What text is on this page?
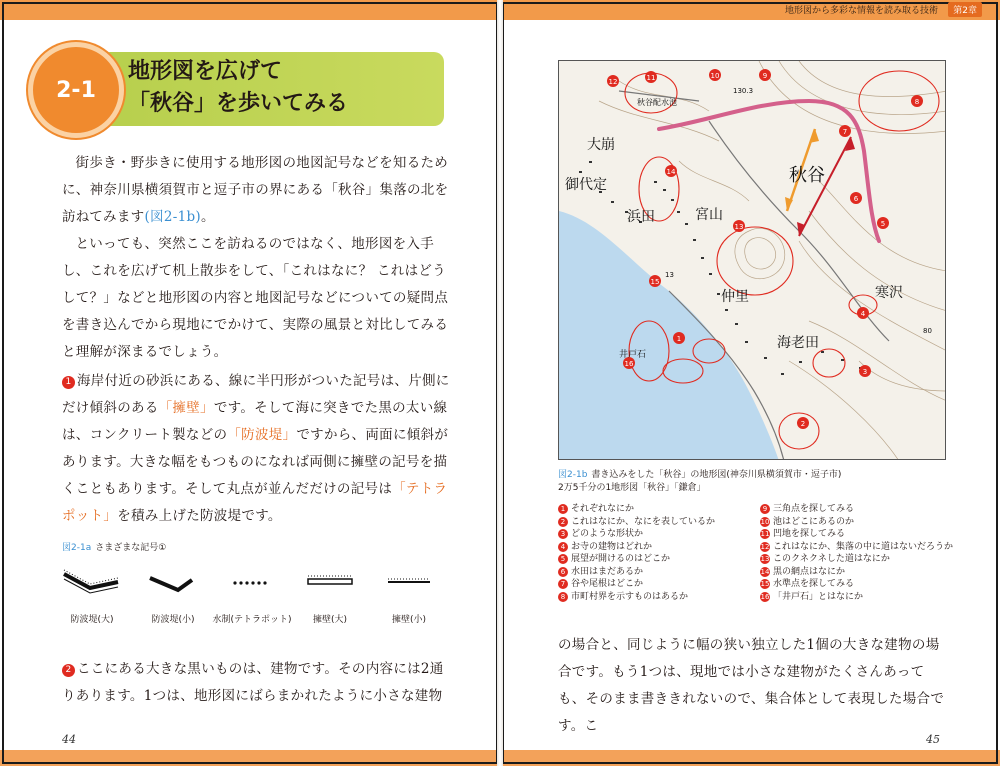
地形図から多彩な情報を読み取る技術	第2章
2-1
地形図を広げて
「秋谷」を歩いてみる
街歩き・野歩きに使用する地形図の地図記号などを知るために、神奈川県横須賀市と逗子市の界にある「秋谷」集落の北を訪ねてみます(図2-1b)。
といっても、突然ここを訪ねるのではなく、地形図を入手し、これを広げて机上散歩をして、「これはなに？ これはどうして？」などと地形図の内容と地図記号などについての疑問点を書き込んでから現地にでかけて、実際の風景と対比してみると理解が深まるでしょう。
1 海岸付近の砂浜にある、線に半円形がついた記号は、片側にだけ傾斜のある「擁壁」です。そして海に突きでた黒の太い線は、コンクリート製などの「防波堤」ですから、両面に傾斜があります。大きな幅をもつものになれば両側に擁壁の記号を描くこともあります。そして丸点が並んだだけの記号は「テトラポット」を積み上げた防波堤です。
図2-1a さまざまな記号①
防波堤(大)	防波堤(小)	水制(テトラポット)	擁壁(大)	擁壁(小)
2 ここにある大きな黒いものは、建物です。その内容には2通りあります。1つは、地形図にばらまかれたように小さな建物
44
1
2
3
4
5
6
7
8
9
10
11
12
13
14
15
16
秋谷
秋谷配水池
大崩
御代定
浜田	宮山
仲里
海老田
寒沢
井戸石
130.3
13
80
図2-1b 書き込みをした「秋谷」の地形図(神奈川県横須賀市・逗子市)
2万5千分の1地形図「秋谷」「鎌倉」
1 それぞれなにか
2 これはなにか、なにを表しているか
3 どのような形状か
4 お寺の建物はどれか
5 展望が開けるのはどこか
6 水田はまだあるか
7 谷や尾根はどこか
8 市町村界を示すものはあるか
9 三角点を探してみる
10 池はどこにあるのか
11 凹地を探してみる
12 これはなにか、集落の中に道はないだろうか
13 このクネクネした道はなにか
14 黒の網点はなにか
15 水準点を探してみる
16 「井戸石」とはなにか
の場合と、同じように幅の狭い独立した1個の大きな建物の場合です。もう1つは、現地では小さな建物がたくさんあっても、そのまま書ききれないので、集合体として表現した場合です。こ
45
